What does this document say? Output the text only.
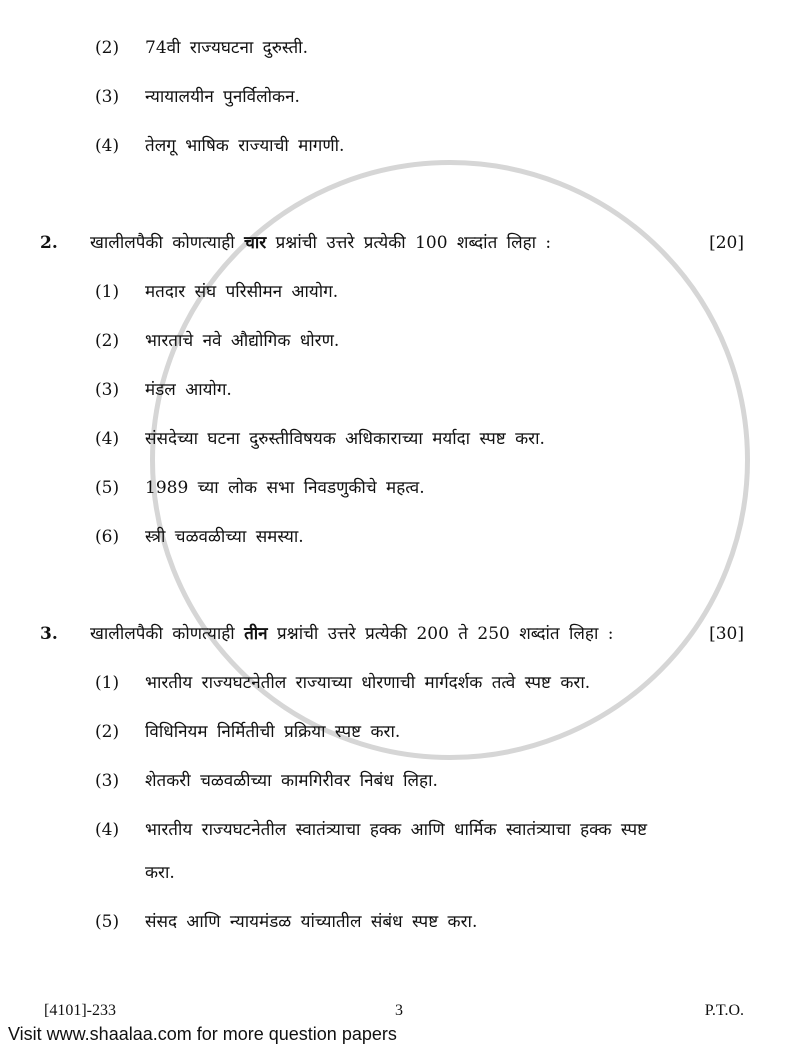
(2)	74वी राज्यघटना दुरुस्ती.
(3)	न्यायालयीन पुनर्विलोकन.
(4)	तेलगू भाषिक राज्याची मागणी.
2.	खालीलपैकी कोणत्याही चार प्रश्नांची उत्तरे प्रत्येकी 100 शब्दांत लिहा :	[20]
(1)	मतदार संघ परिसीमन आयोग.
(2)	भारताचे नवे औद्योगिक धोरण.
(3)	मंडल आयोग.
(4)	संसदेच्या घटना दुरुस्तीविषयक अधिकाराच्या मर्यादा स्पष्ट करा.
(5)	1989 च्या लोक सभा निवडणुकीचे महत्व.
(6)	स्त्री चळवळीच्या समस्या.
3.	खालीलपैकी कोणत्याही तीन प्रश्नांची उत्तरे प्रत्येकी 200 ते 250 शब्दांत लिहा :	[30]
(1)	भारतीय राज्यघटनेतील राज्याच्या धोरणाची मार्गदर्शक तत्वे स्पष्ट करा.
(2)	विधिनियम निर्मितीची प्रक्रिया स्पष्ट करा.
(3)	शेतकरी चळवळीच्या कामगिरीवर निबंध लिहा.
(4)	भारतीय राज्यघटनेतील स्वातंत्र्याचा हक्क आणि धार्मिक स्वातंत्र्याचा हक्क स्पष्ट
करा.
(5)	संसद आणि न्यायमंडळ यांच्यातील संबंध स्पष्ट करा.
[4101]-233	3	P.T.O.
Visit www.shaalaa.com for more question papers
